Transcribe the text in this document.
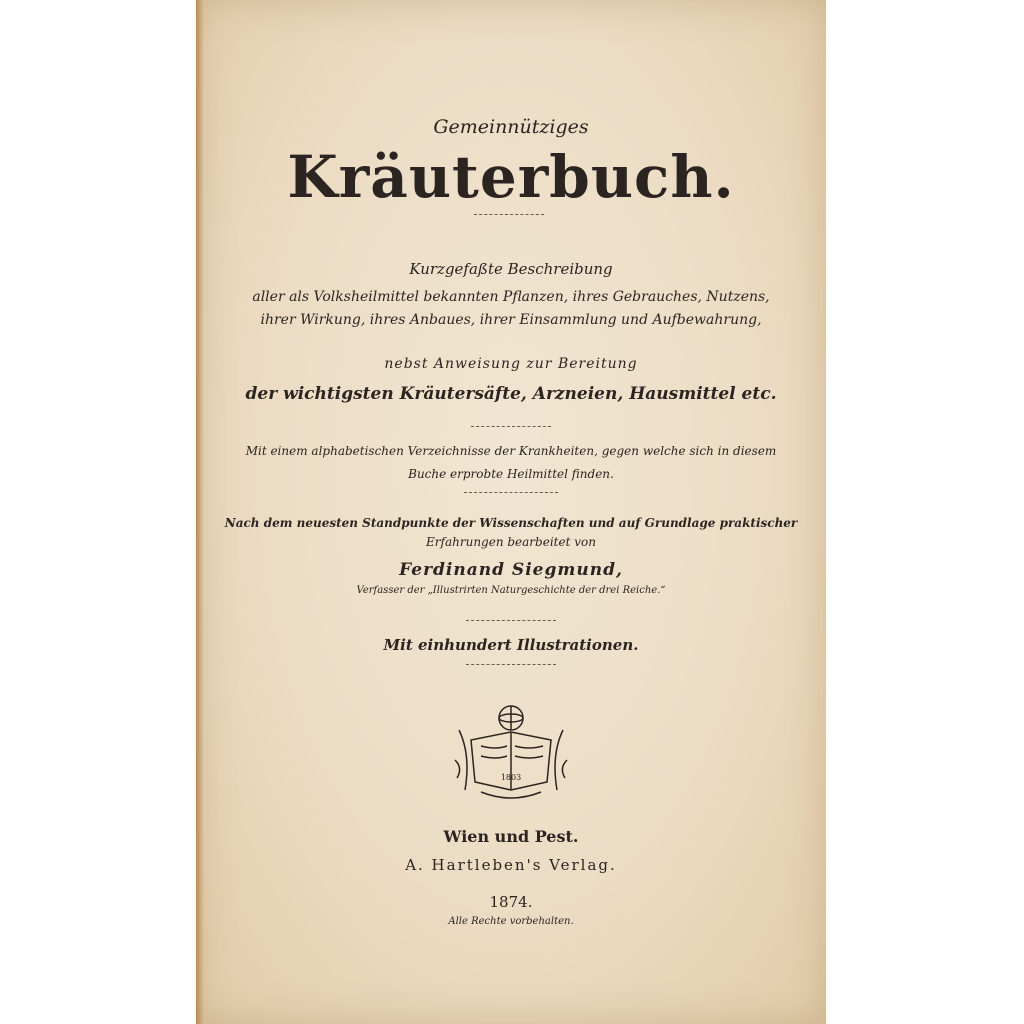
Gemeinnütziges
Kräuterbuch.
Kurzgefaßte Beschreibung
aller als Volksheilmittel bekannten Pflanzen, ihres Gebrauches, Nutzens,
ihrer Wirkung, ihres Anbaues, ihrer Einsammlung und Aufbewahrung,
nebst Anweisung zur Bereitung
der wichtigsten Kräutersäfte, Arzneien, Hausmittel etc.
Mit einem alphabetischen Verzeichnisse der Krankheiten, gegen welche sich in diesem
Buche erprobte Heilmittel finden.
Nach dem neuesten Standpunkte der Wissenschaften und auf Grundlage praktischer
Erfahrungen bearbeitet von
Ferdinand Siegmund,
Verfasser der „Illustrirten Naturgeschichte der drei Reiche.“
Mit einhundert Illustrationen.
1803
Wien und Pest.
A. Hartleben's Verlag.
1874.
Alle Rechte vorbehalten.
